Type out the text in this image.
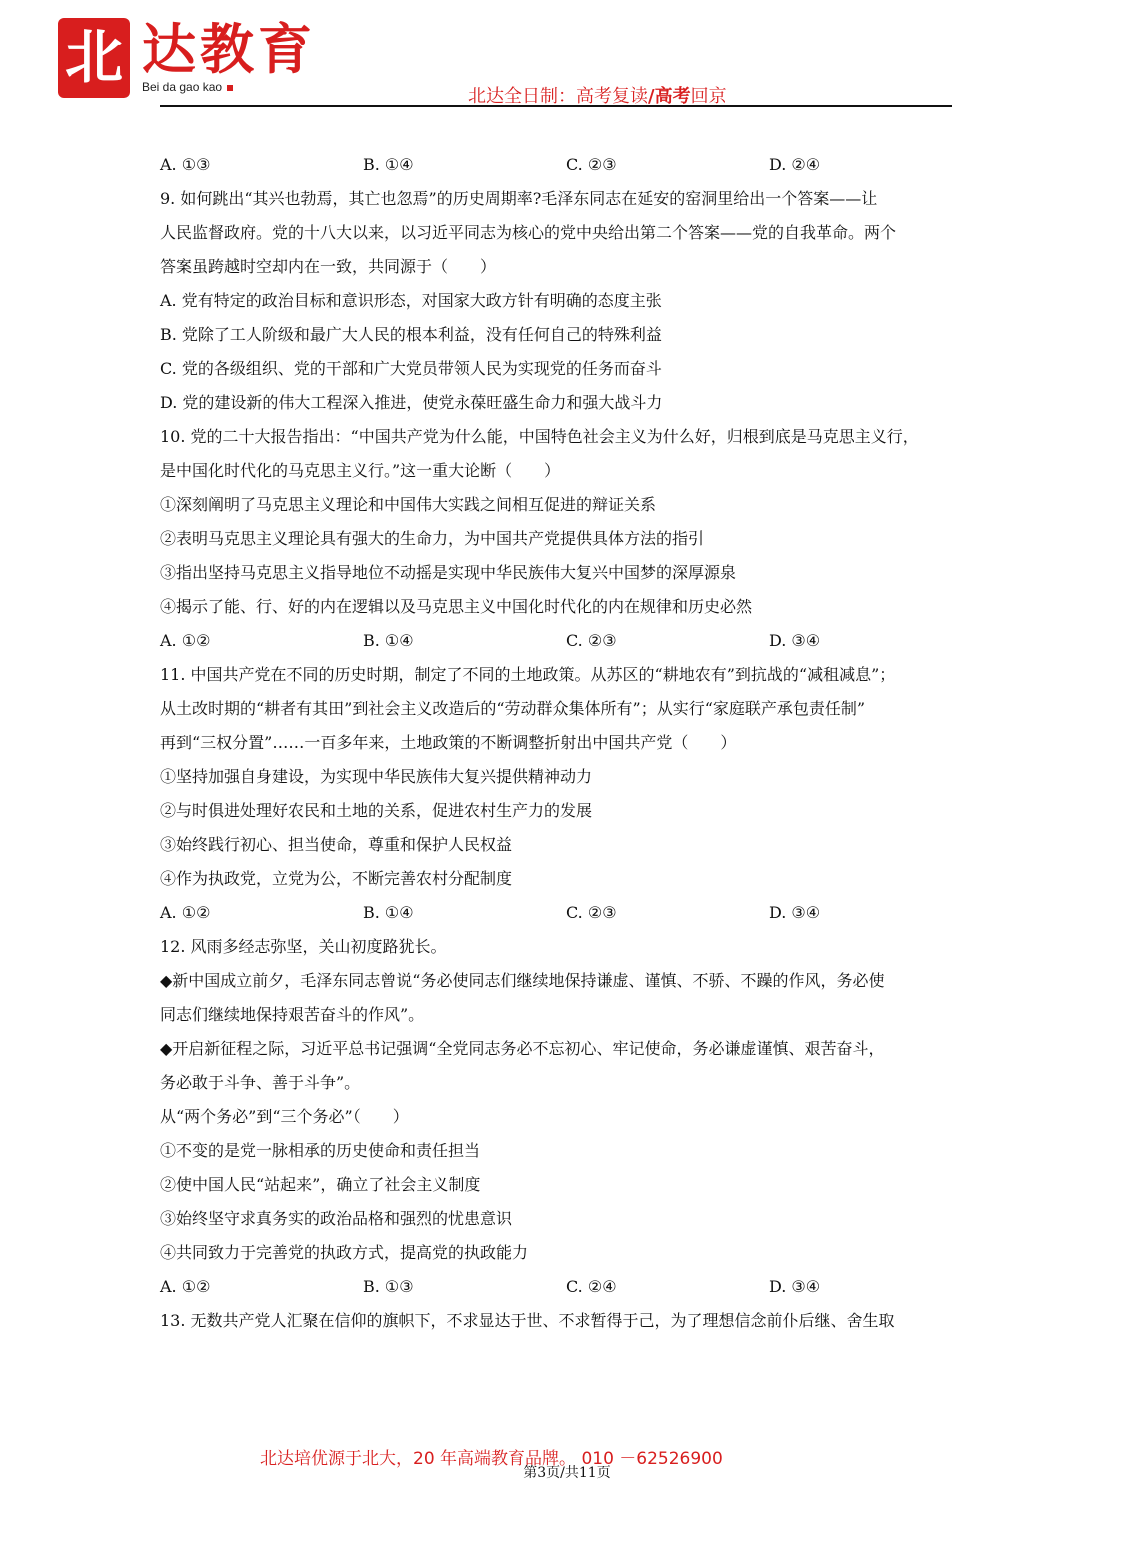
北 达教育
Bei da gao kao	北达全日制：高考复读/高考回京
A. ①③	B. ①④	C. ②③	D. ②④
9. 如何跳出“其兴也勃焉，其亡也忽焉”的历史周期率?毛泽东同志在延安的窑洞里给出一个答案——让
人民监督政府。党的十八大以来，以习近平同志为核心的党中央给出第二个答案——党的自我革命。两个
答案虽跨越时空却内在一致，共同源于（　　）
A. 党有特定的政治目标和意识形态，对国家大政方针有明确的态度主张
B. 党除了工人阶级和最广大人民的根本利益，没有任何自己的特殊利益
C. 党的各级组织、党的干部和广大党员带领人民为实现党的任务而奋斗
D. 党的建设新的伟大工程深入推进，使党永葆旺盛生命力和强大战斗力
10. 党的二十大报告指出：“中国共产党为什么能，中国特色社会主义为什么好，归根到底是马克思主义行，
是中国化时代化的马克思主义行。”这一重大论断（　　）
①深刻阐明了马克思主义理论和中国伟大实践之间相互促进的辩证关系
②表明马克思主义理论具有强大的生命力，为中国共产党提供具体方法的指引
③指出坚持马克思主义指导地位不动摇是实现中华民族伟大复兴中国梦的深厚源泉
④揭示了能、行、好的内在逻辑以及马克思主义中国化时代化的内在规律和历史必然
A. ①②	B. ①④	C. ②③	D. ③④
11. 中国共产党在不同的历史时期，制定了不同的土地政策。从苏区的“耕地农有”到抗战的“减租减息”；
从土改时期的“耕者有其田”到社会主义改造后的“劳动群众集体所有”；从实行“家庭联产承包责任制”
再到“三权分置”……一百多年来，土地政策的不断调整折射出中国共产党（　　）
①坚持加强自身建设，为实现中华民族伟大复兴提供精神动力
②与时俱进处理好农民和土地的关系，促进农村生产力的发展
③始终践行初心、担当使命，尊重和保护人民权益
④作为执政党，立党为公，不断完善农村分配制度
A. ①②	B. ①④	C. ②③	D. ③④
12. 风雨多经志弥坚，关山初度路犹长。
◆新中国成立前夕，毛泽东同志曾说“务必使同志们继续地保持谦虚、谨慎、不骄、不躁的作风，务必使
同志们继续地保持艰苦奋斗的作风”。
◆开启新征程之际，习近平总书记强调“全党同志务必不忘初心、牢记使命，务必谦虚谨慎、艰苦奋斗，
务必敢于斗争、善于斗争”。
从“两个务必”到“三个务必”（　　）
①不变的是党一脉相承的历史使命和责任担当
②使中国人民“站起来”，确立了社会主义制度
③始终坚守求真务实的政治品格和强烈的忧患意识
④共同致力于完善党的执政方式，提高党的执政能力
A. ①②	B. ①③	C. ②④	D. ③④
13. 无数共产党人汇聚在信仰的旗帜下，不求显达于世、不求暂得于己，为了理想信念前仆后继、舍生取
北达培优源于北大，20 年高端教育品牌。 010 －62526900
第3页/共11页
